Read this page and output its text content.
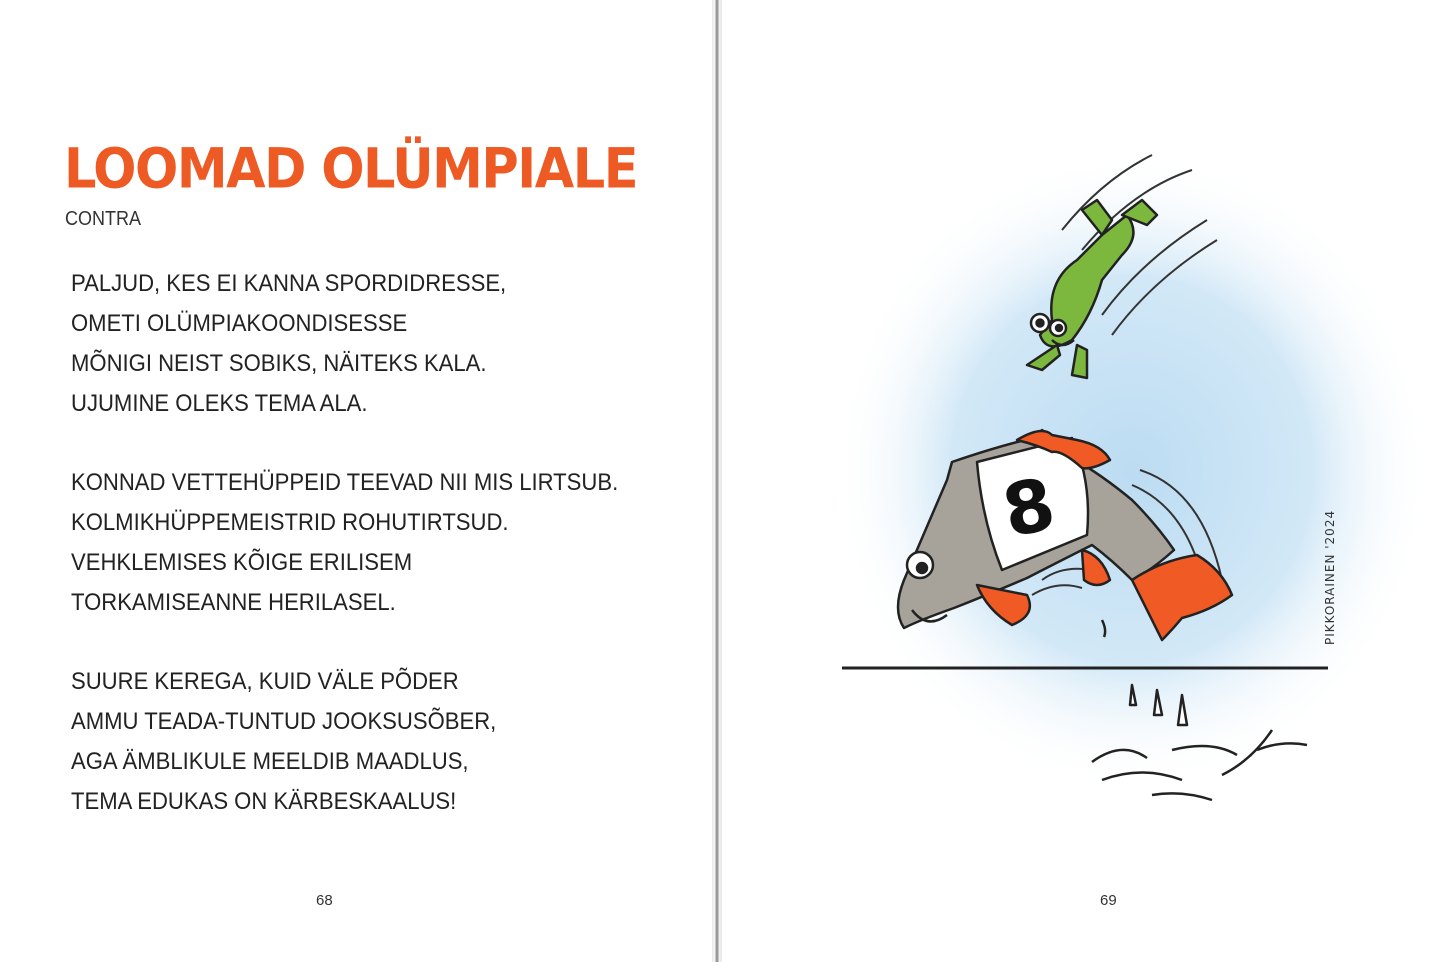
LOOMAD OLÜMPIALE

CONTRA

PALJUD, KES EI KANNA SPORDIDRESSE,
OMETI OLÜMPIAKOONDISESSE
MÕNIGI NEIST SOBIKS, NÄITEKS KALA.
UJUMINE OLEKS TEMA ALA.
KONNAD VETTEHÜPPEID TEEVAD NII MIS LIRTSUB.
KOLMIKHÜPPEMEISTRID ROHUTIRTSUD.
VEHKLEMISES KÕIGE ERILISEM
TORKAMISEANNE HERILASEL.
SUURE KEREGA, KUID VÄLE PÕDER
AMMU TEADA-TUNTUD JOOKSUSÕBER,
AGA ÄMBLIKULE MEELDIB MAADLUS,
TEMA EDUKAS ON KÄRBESKAALUS!
68
8
PIKKORAINEN '2024
69
